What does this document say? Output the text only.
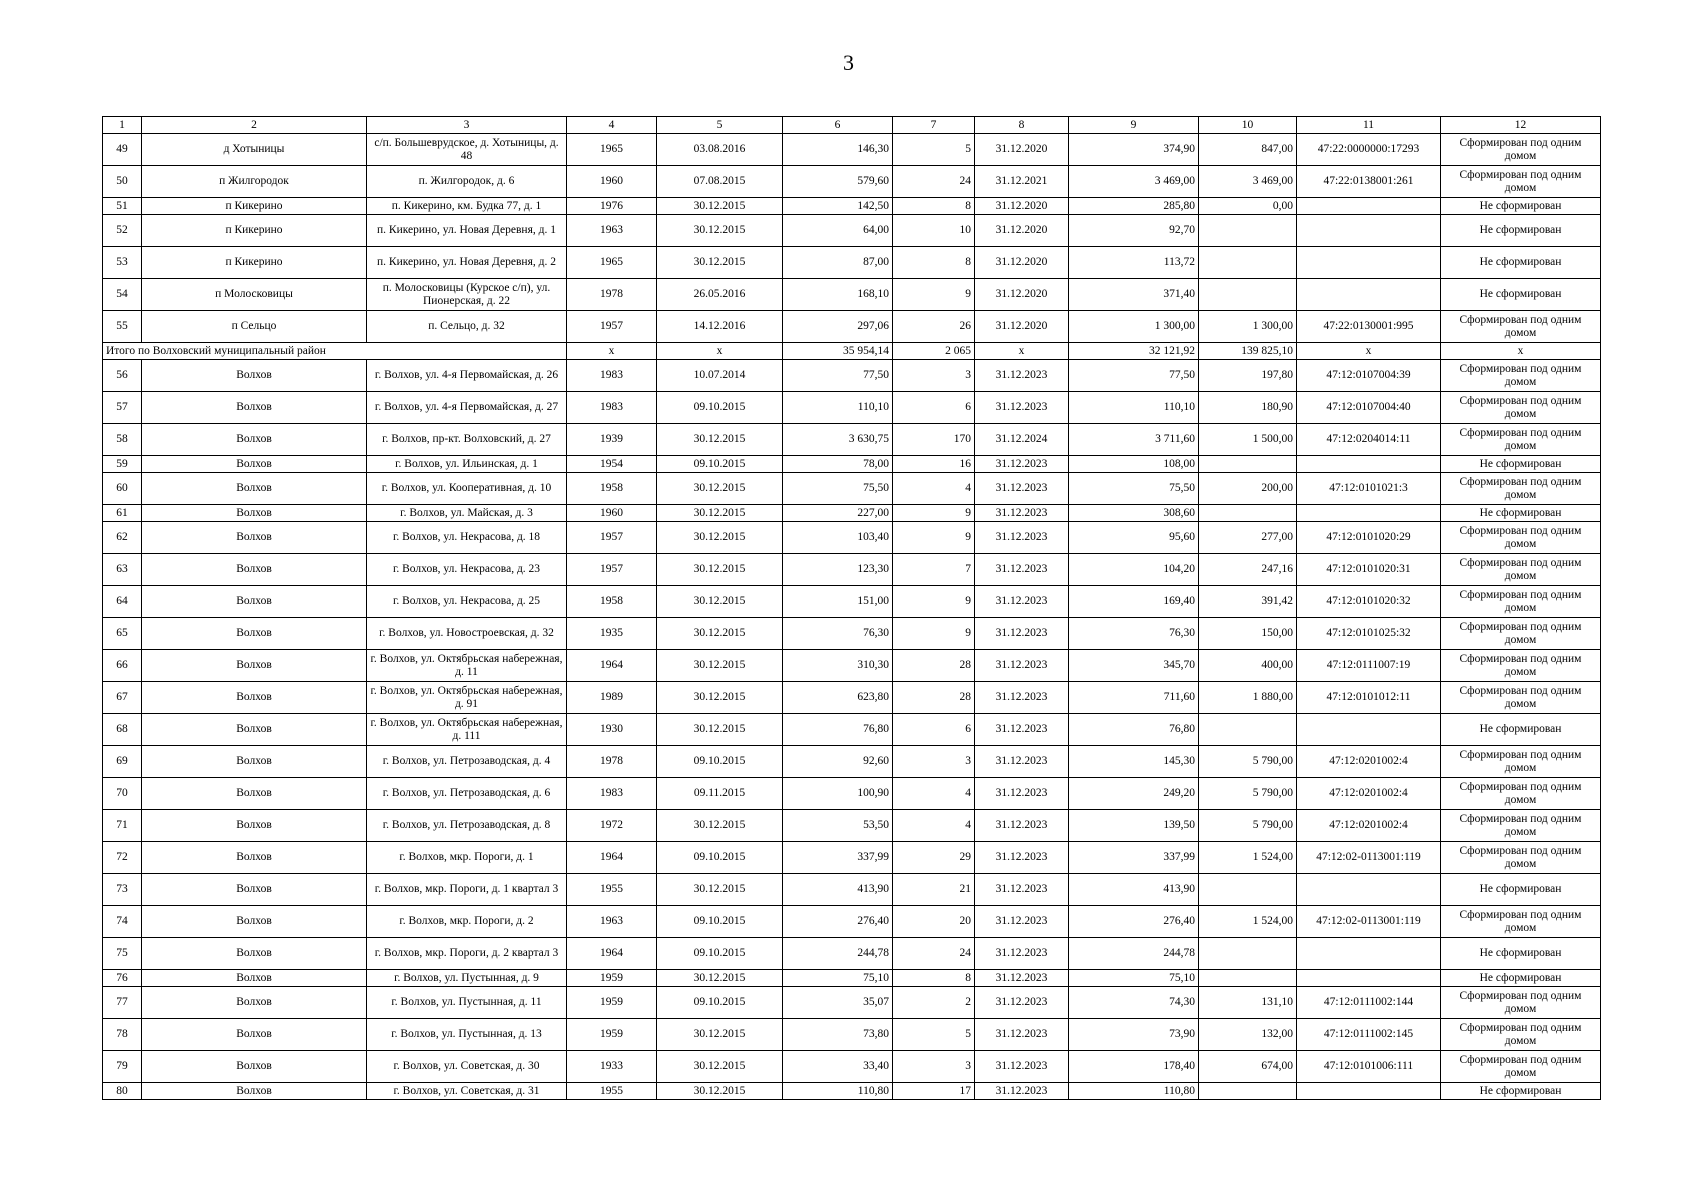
3
1	2	3	4	5	6	7	8	9	10	11	12
49	д Хотыницы	с/п. Большеврудское, д. Хотыницы, д. 48	1965	03.08.2016	146,30	5	31.12.2020	374,90	847,00	47:22:0000000:17293	Сформирован под одним домом
50	п Жилгородок	п. Жилгородок, д. 6	1960	07.08.2015	579,60	24	31.12.2021	3 469,00	3 469,00	47:22:0138001:261	Сформирован под одним домом
51	п Кикерино	п. Кикерино, км. Будка 77, д. 1	1976	30.12.2015	142,50	8	31.12.2020	285,80	0,00		Не сформирован
52	п Кикерино	п. Кикерино, ул. Новая Деревня, д. 1	1963	30.12.2015	64,00	10	31.12.2020	92,70			Не сформирован
53	п Кикерино	п. Кикерино, ул. Новая Деревня, д. 2	1965	30.12.2015	87,00	8	31.12.2020	113,72			Не сформирован
54	п Молосковицы	п. Молосковицы (Курское с/п), ул. Пионерская, д. 22	1978	26.05.2016	168,10	9	31.12.2020	371,40			Не сформирован
55	п Сельцо	п. Сельцо, д. 32	1957	14.12.2016	297,06	26	31.12.2020	1 300,00	1 300,00	47:22:0130001:995	Сформирован под одним домом
Итого по Волховский муниципальный район			х	х	35 954,14	2 065	х	32 121,92	139 825,10	х	х
56	Волхов	г. Волхов, ул. 4-я Первомайская, д. 26	1983	10.07.2014	77,50	3	31.12.2023	77,50	197,80	47:12:0107004:39	Сформирован под одним домом
57	Волхов	г. Волхов, ул. 4-я Первомайская, д. 27	1983	09.10.2015	110,10	6	31.12.2023	110,10	180,90	47:12:0107004:40	Сформирован под одним домом
58	Волхов	г. Волхов, пр-кт. Волховский, д. 27	1939	30.12.2015	3 630,75	170	31.12.2024	3 711,60	1 500,00	47:12:0204014:11	Сформирован под одним домом
59	Волхов	г. Волхов, ул. Ильинская, д. 1	1954	09.10.2015	78,00	16	31.12.2023	108,00			Не сформирован
60	Волхов	г. Волхов, ул. Кооперативная, д. 10	1958	30.12.2015	75,50	4	31.12.2023	75,50	200,00	47:12:0101021:3	Сформирован под одним домом
61	Волхов	г. Волхов, ул. Майская, д. 3	1960	30.12.2015	227,00	9	31.12.2023	308,60			Не сформирован
62	Волхов	г. Волхов, ул. Некрасова, д. 18	1957	30.12.2015	103,40	9	31.12.2023	95,60	277,00	47:12:0101020:29	Сформирован под одним домом
63	Волхов	г. Волхов, ул. Некрасова, д. 23	1957	30.12.2015	123,30	7	31.12.2023	104,20	247,16	47:12:0101020:31	Сформирован под одним домом
64	Волхов	г. Волхов, ул. Некрасова, д. 25	1958	30.12.2015	151,00	9	31.12.2023	169,40	391,42	47:12:0101020:32	Сформирован под одним домом
65	Волхов	г. Волхов, ул. Новостроевская, д. 32	1935	30.12.2015	76,30	9	31.12.2023	76,30	150,00	47:12:0101025:32	Сформирован под одним домом
66	Волхов	г. Волхов, ул. Октябрьская набережная, д. 11	1964	30.12.2015	310,30	28	31.12.2023	345,70	400,00	47:12:0111007:19	Сформирован под одним домом
67	Волхов	г. Волхов, ул. Октябрьская набережная, д. 91	1989	30.12.2015	623,80	28	31.12.2023	711,60	1 880,00	47:12:0101012:11	Сформирован под одним домом
68	Волхов	г. Волхов, ул. Октябрьская набережная, д. 111	1930	30.12.2015	76,80	6	31.12.2023	76,80			Не сформирован
69	Волхов	г. Волхов, ул. Петрозаводская, д. 4	1978	09.10.2015	92,60	3	31.12.2023	145,30	5 790,00	47:12:0201002:4	Сформирован под одним домом
70	Волхов	г. Волхов, ул. Петрозаводская, д. 6	1983	09.11.2015	100,90	4	31.12.2023	249,20	5 790,00	47:12:0201002:4	Сформирован под одним домом
71	Волхов	г. Волхов, ул. Петрозаводская, д. 8	1972	30.12.2015	53,50	4	31.12.2023	139,50	5 790,00	47:12:0201002:4	Сформирован под одним домом
72	Волхов	г. Волхов, мкр. Пороги, д. 1	1964	09.10.2015	337,99	29	31.12.2023	337,99	1 524,00	47:12:02-0113001:119	Сформирован под одним домом
73	Волхов	г. Волхов, мкр. Пороги, д. 1 квартал 3	1955	30.12.2015	413,90	21	31.12.2023	413,90			Не сформирован
74	Волхов	г. Волхов, мкр. Пороги, д. 2	1963	09.10.2015	276,40	20	31.12.2023	276,40	1 524,00	47:12:02-0113001:119	Сформирован под одним домом
75	Волхов	г. Волхов, мкр. Пороги, д. 2 квартал 3	1964	09.10.2015	244,78	24	31.12.2023	244,78			Не сформирован
76	Волхов	г. Волхов, ул. Пустынная, д. 9	1959	30.12.2015	75,10	8	31.12.2023	75,10			Не сформирован
77	Волхов	г. Волхов, ул. Пустынная, д. 11	1959	09.10.2015	35,07	2	31.12.2023	74,30	131,10	47:12:0111002:144	Сформирован под одним домом
78	Волхов	г. Волхов, ул. Пустынная, д. 13	1959	30.12.2015	73,80	5	31.12.2023	73,90	132,00	47:12:0111002:145	Сформирован под одним домом
79	Волхов	г. Волхов, ул. Советская, д. 30	1933	30.12.2015	33,40	3	31.12.2023	178,40	674,00	47:12:0101006:111	Сформирован под одним домом
80	Волхов	г. Волхов, ул. Советская, д. 31	1955	30.12.2015	110,80	17	31.12.2023	110,80			Не сформирован
